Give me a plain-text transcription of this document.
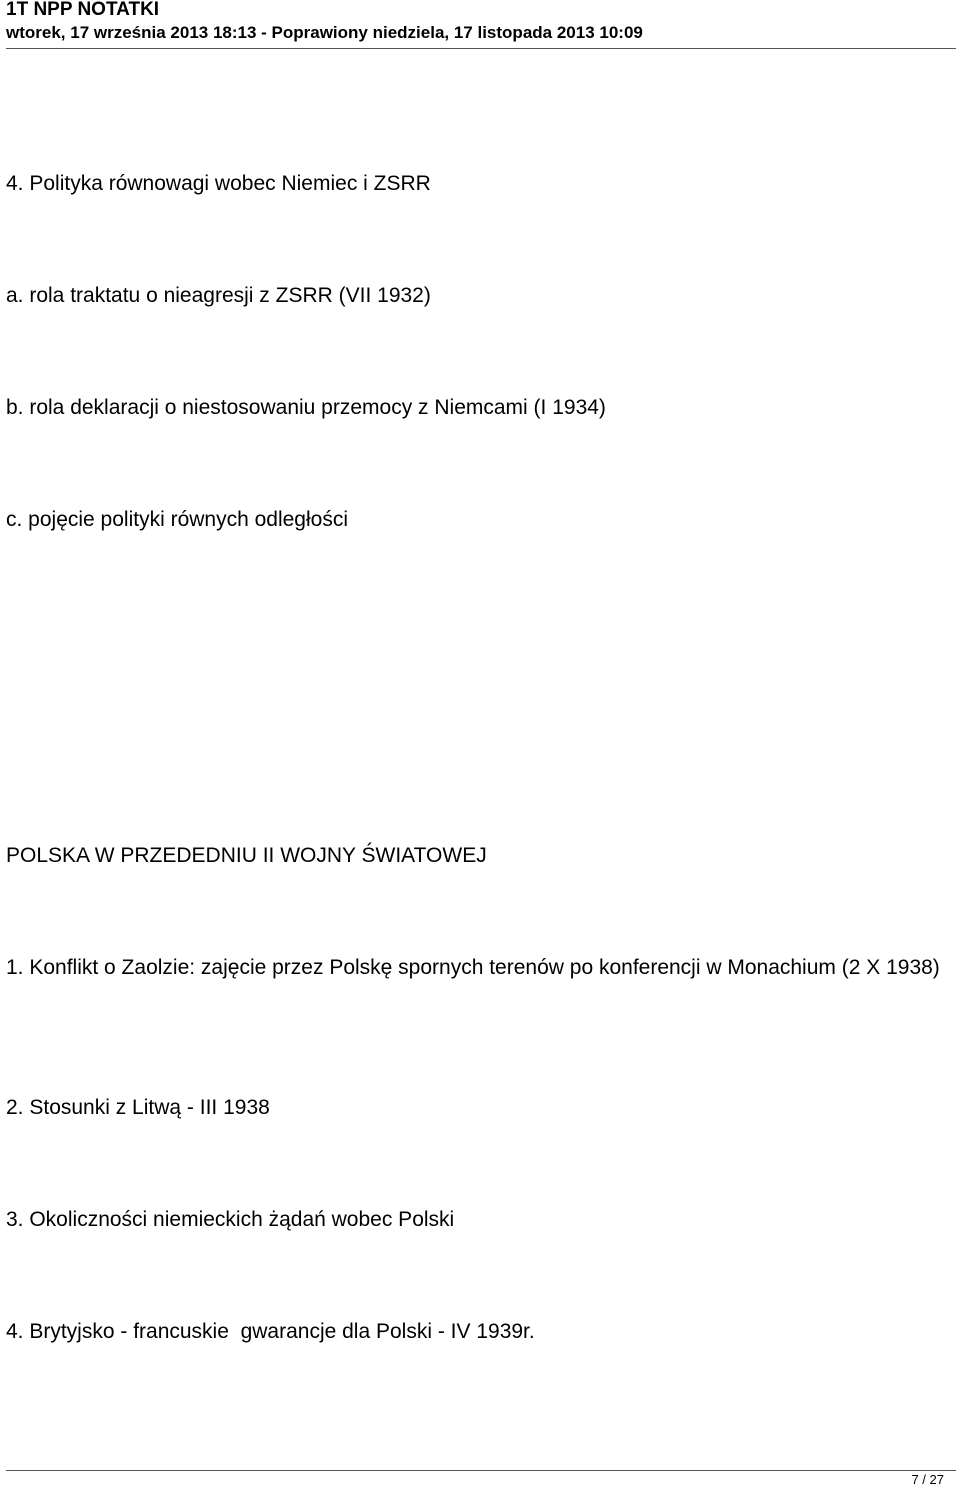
1T NPP NOTATKI

wtorek, 17 września 2013 18:13 - Poprawiony niedziela, 17 listopada 2013 10:09

4. Polityka równowagi wobec Niemiec i ZSRR

a. rola traktatu o nieagresji z ZSRR (VII 1932)

b. rola deklaracji o niestosowaniu przemocy z Niemcami (I 1934)

c. pojęcie polityki równych odległości

POLSKA W PRZEDEDNIU II WOJNY ŚWIATOWEJ

1. Konflikt o Zaolzie: zajęcie przez Polskę spornych terenów po konferencji w Monachium (2 X 1938)

2. Stosunki z Litwą - III 1938

3. Okoliczności niemieckich żądań wobec Polski

4. Brytyjsko - francuskie  gwarancje dla Polski - IV 1939r.

7 / 27
